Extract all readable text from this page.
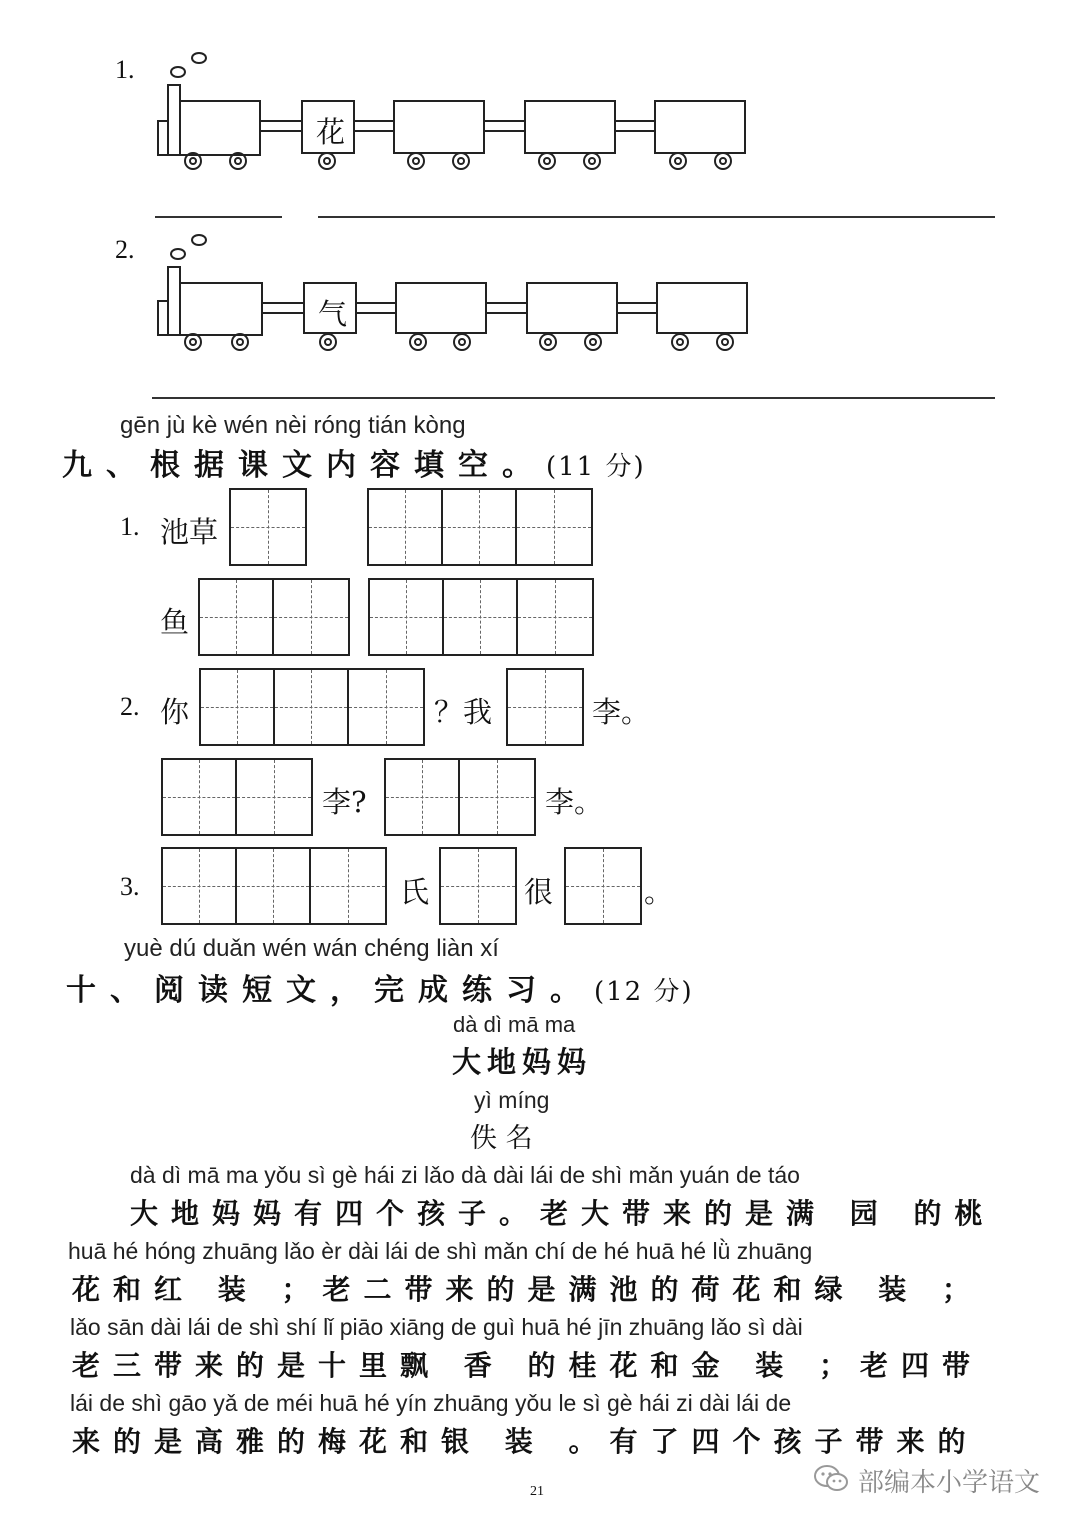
1.
花
2.
气
gēn jù kè wén nèi róng tián kòng
九、根据课文内容填空。(11 分)
1. 池草
鱼
2. 你	？我	李。
李?	李。
3.	氏	很	。
yuè dú duǎn wén wán chéng liàn xí
十、阅读短文，完成练习。(12 分)
dà dì mā ma
大地妈妈
yì míng
佚 名
dà dì mā ma yǒu sì gè hái zi lǎo dà dài lái de shì mǎn yuán de táo
大地妈妈有四个孩子。老大带来的是满 园 的桃
huā hé hóng zhuāng lǎo èr dài lái de shì mǎn chí de hé huā hé lǜ zhuāng
花和红 装 ；老二带来的是满池的荷花和绿 装 ；
lǎo sān dài lái de shì shí lǐ piāo xiāng de guì huā hé jīn zhuāng lǎo sì dài
老三带来的是十里飘 香 的桂花和金 装 ；老四带
lái de shì gāo yǎ de méi huā hé yín zhuāng yǒu le sì gè hái zi dài lái de
来的是高雅的梅花和银 装 。有了四个孩子带来的
21	部编本小学语文
